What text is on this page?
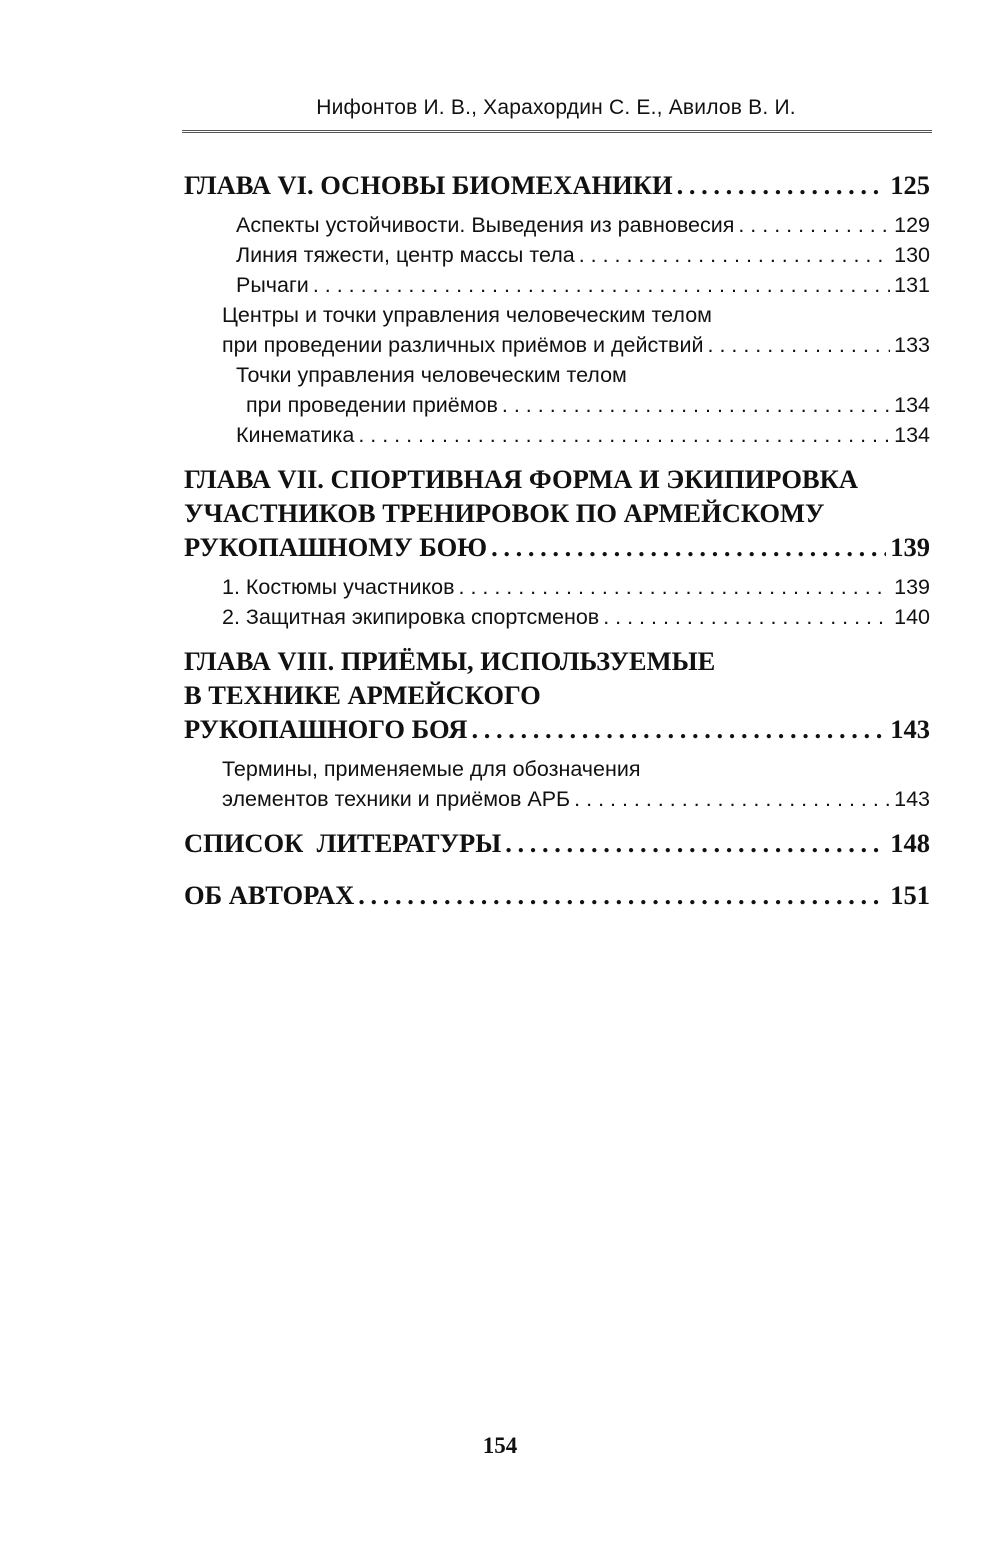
Нифонтов И. В., Харахордин С. Е., Авилов В. И.
ГЛАВА VI. ОСНОВЫ БИОМЕХАНИКИ . . .	125
Аспекты устойчивости. Выведения из равновесия . . .	129
Линия тяжести, центр массы тела . . .	130
Рычаги . . .	131
Центры и точки управления человеческим телом
при проведении различных приёмов и действий . . .	133
Точки управления человеческим телом
при проведении приёмов . . .	134
Кинематика . . .	134
ГЛАВА VII. СПОРТИВНАЯ ФОРМА И ЭКИПИРОВКА
УЧАСТНИКОВ ТРЕНИРОВОК ПО АРМЕЙСКОМУ
РУКОПАШНОМУ БОЮ . . .	139
1. Костюмы участников . . .	139
2. Защитная экипировка спортсменов . . .	140
ГЛАВА VIII. ПРИЁМЫ, ИСПОЛЬЗУЕМЫЕ
В ТЕХНИКЕ АРМЕЙСКОГО
РУКОПАШНОГО БОЯ . . .	143
Термины, применяемые для обозначения
элементов техники и приёмов АРБ . . .	143
СПИСОК  ЛИТЕРАТУРЫ . . .	148
ОБ АВТОРАХ . . .	151
154
